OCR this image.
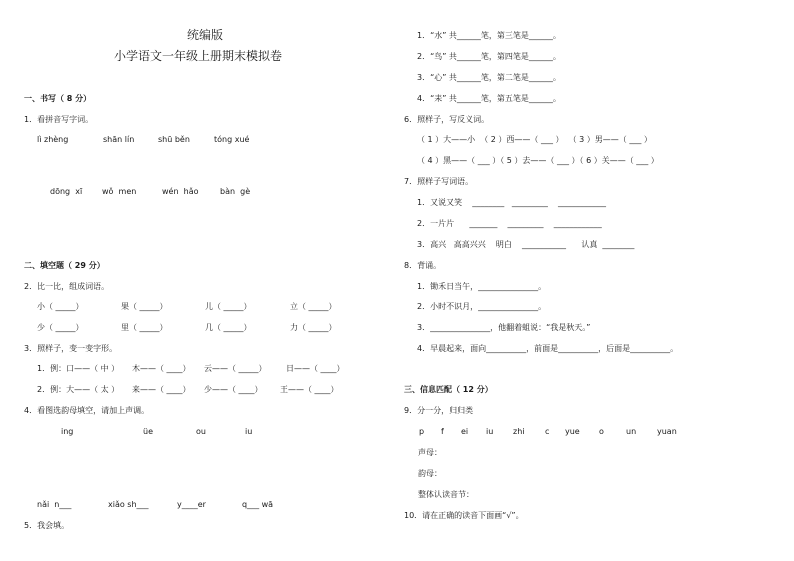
统编版
小学语文一年级上册期末模拟卷
一、书写（ 8 分）
1．看拼音写字词。
lì zhèng	shān lín	shū běn	tóng xué
dōng  xī wǒ  men	wén  hǎo	bàn  gè
二、填空题（ 29 分）
2．比一比，组成词语。
小（ _____）	果（ _____）	儿（ _____）	立（ _____）
少（ _____）	里（ _____）	几（ _____）	力（ _____）
3．照样子，变一变字形。
1．例：口——（ 中 ） 木——（ ____） 云——（ _____） 日——（ ____）
2．例：大——（ 太 ） 来——（ ____） 少——（ ____） 王——（ ____）
4．看图选韵母填空，请加上声调。
ing	üe	ou	iu
nǎi  n___	xiǎo sh___	y____er	q___ wā
5．我会填。
1．“水” 共______笔，第三笔是______。
2．“鸟” 共______笔，第四笔是______。
3．“心” 共______笔，第二笔是______。
4．“耒” 共______笔，第五笔是______。
6．照样子，写反义词。
（ 1 ）大——小  （ 2 ）西——（ ___ ）  （ 3 ）男——（ ___ ）
（ 4 ）黑——（ ___ ）（ 5 ）去——（ ___ ）（ 6 ）关——（ ___ ）
7．照样子写词语。
1．又说又笑    ________   _________    ____________
2．一片片      _______    _________    ____________
3．高兴   高高兴兴    明白    ___________      认真  ________
8．背诵。
1．锄禾日当午，_______________。
2．小时不识月，_______________。
3．_______________，他翻着蛆说：“我是秋天。”
4．早晨起来，面向__________，前面是__________，后面是__________。
三、信息匹配（ 12 分）
9．分一分，归归类
p f ei iu zhi	c yue o	un	yuan
声母：
韵母：
整体认读音节：
10．请在正确的读音下面画“√”。
